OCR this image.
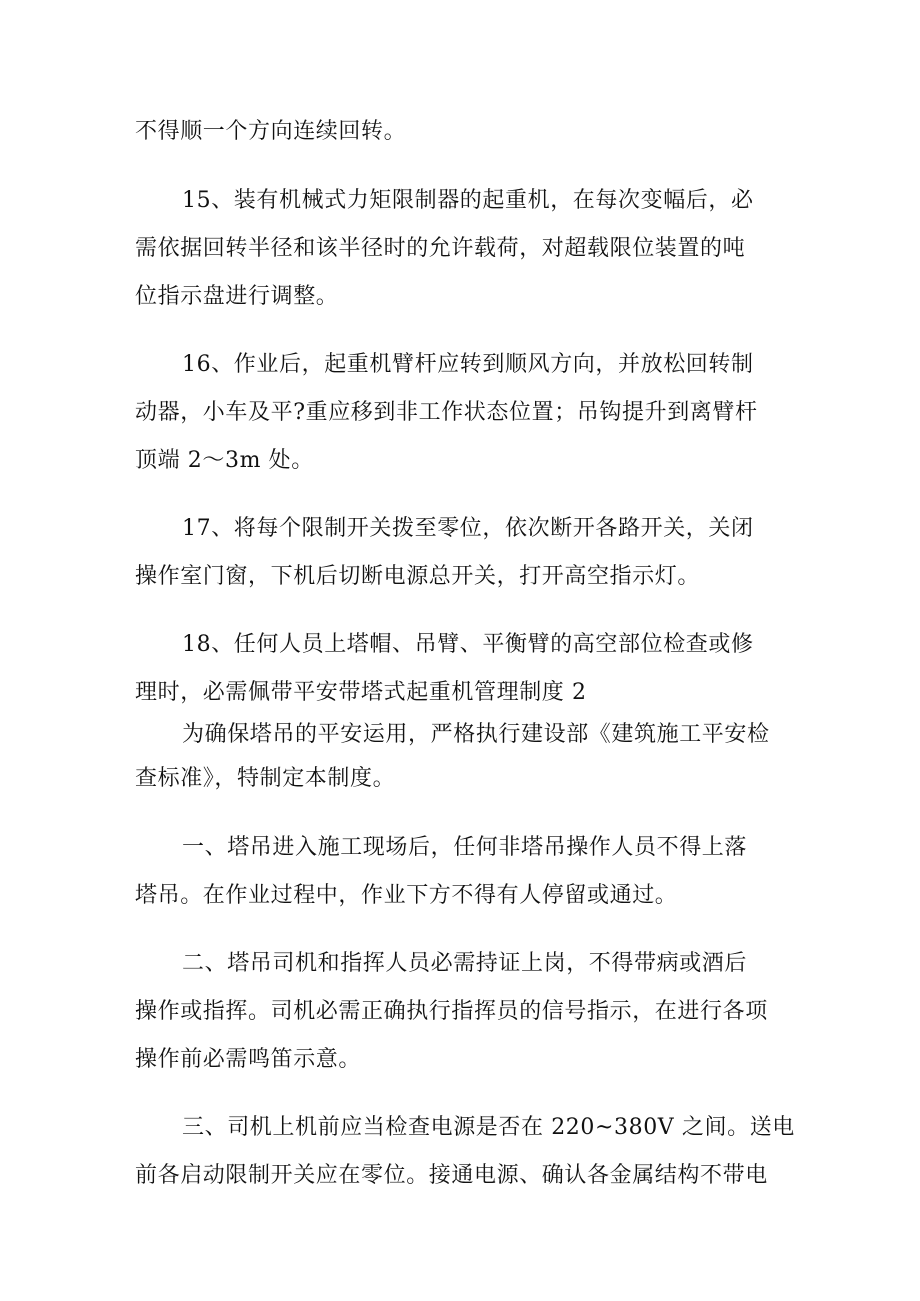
不得顺一个方向连续回转。
15、装有机械式力矩限制器的起重机，在每次变幅后，必
需依据回转半径和该半径时的允许载荷，对超载限位装置的吨
位指示盘进行调整。
16、作业后，起重机臂杆应转到顺风方向，并放松回转制
动器，小车及平?重应移到非工作状态位置；吊钩提升到离臂杆
顶端 2～3m 处。
17、将每个限制开关拨至零位，依次断开各路开关，关闭
操作室门窗，下机后切断电源总开关，打开高空指示灯。
18、任何人员上塔帽、吊臂、平衡臂的高空部位检查或修
理时，必需佩带平安带塔式起重机管理制度 2
为确保塔吊的平安运用，严格执行建设部《建筑施工平安检
查标准》，特制定本制度。
一、塔吊进入施工现场后，任何非塔吊操作人员不得上落
塔吊。在作业过程中，作业下方不得有人停留或通过。
二、塔吊司机和指挥人员必需持证上岗，不得带病或酒后
操作或指挥。司机必需正确执行指挥员的信号指示，在进行各项
操作前必需鸣笛示意。
三、司机上机前应当检查电源是否在 220~380V 之间。送电
前各启动限制开关应在零位。接通电源、确认各金属结构不带电
